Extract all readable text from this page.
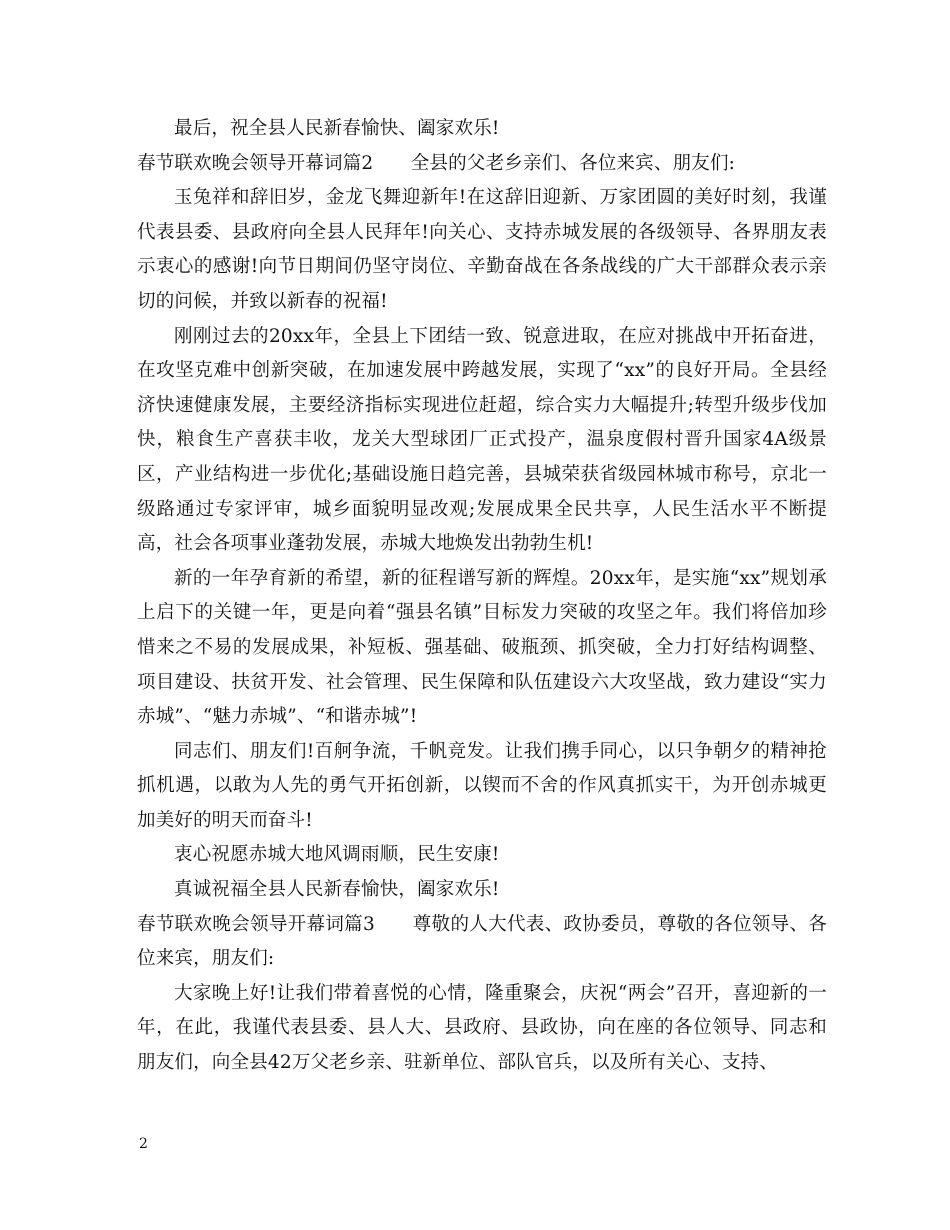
最后，祝全县人民新春愉快、阖家欢乐!

春节联欢晚会领导开幕词篇2　　全县的父老乡亲们、各位来宾、朋友们:

玉兔祥和辞旧岁，金龙飞舞迎新年!在这辞旧迎新、万家团圆的美好时刻，我谨代表县委、县政府向全县人民拜年!向关心、支持赤城发展的各级领导、各界朋友表示衷心的感谢!向节日期间仍坚守岗位、辛勤奋战在各条战线的广大干部群众表示亲切的问候，并致以新春的祝福!

刚刚过去的20xx年，全县上下团结一致、锐意进取，在应对挑战中开拓奋进，在攻坚克难中创新突破，在加速发展中跨越发展，实现了“xx”的良好开局。全县经济快速健康发展，主要经济指标实现进位赶超，综合实力大幅提升;转型升级步伐加快，粮食生产喜获丰收，龙关大型球团厂正式投产，温泉度假村晋升国家4A级景区，产业结构进一步优化;基础设施日趋完善，县城荣获省级园林城市称号，京北一级路通过专家评审，城乡面貌明显改观;发展成果全民共享，人民生活水平不断提高，社会各项事业蓬勃发展，赤城大地焕发出勃勃生机!

新的一年孕育新的希望，新的征程谱写新的辉煌。20xx年，是实施“xx”规划承上启下的关键一年，更是向着“强县名镇”目标发力突破的攻坚之年。我们将倍加珍惜来之不易的发展成果，补短板、强基础、破瓶颈、抓突破，全力打好结构调整、项目建设、扶贫开发、社会管理、民生保障和队伍建设六大攻坚战，致力建设“实力赤城”、“魅力赤城”、“和谐赤城”!

同志们、朋友们!百舸争流，千帆竞发。让我们携手同心，以只争朝夕的精神抢抓机遇，以敢为人先的勇气开拓创新，以锲而不舍的作风真抓实干，为开创赤城更加美好的明天而奋斗!

衷心祝愿赤城大地风调雨顺，民生安康!

真诚祝福全县人民新春愉快，阖家欢乐!

春节联欢晚会领导开幕词篇3　　尊敬的人大代表、政协委员，尊敬的各位领导、各位来宾，朋友们:

大家晚上好!让我们带着喜悦的心情，隆重聚会，庆祝“两会”召开，喜迎新的一年，在此，我谨代表县委、县人大、县政府、县政协，向在座的各位领导、同志和朋友们，向全县42万父老乡亲、驻新单位、部队官兵，以及所有关心、支持、

2
